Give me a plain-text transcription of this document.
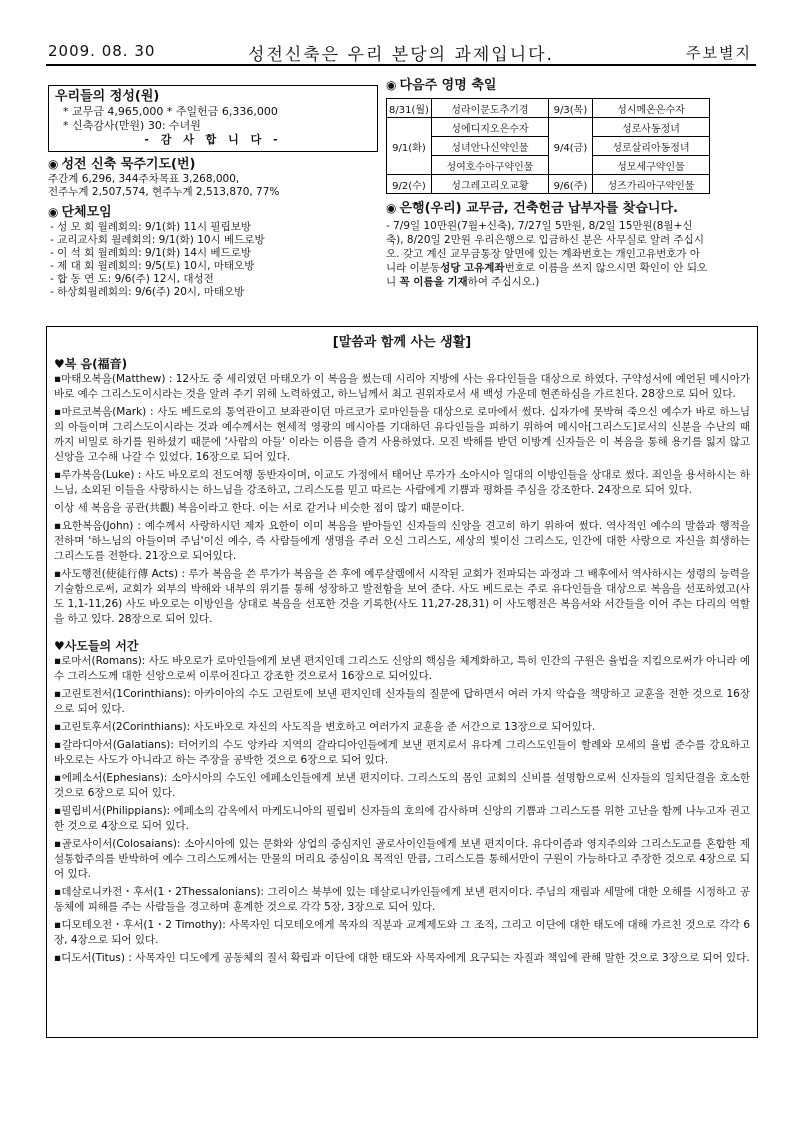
2009. 08. 30	성전신축은 우리 본당의 과제입니다.	주보별지
우리들의 정성(원)
* 교무금 4,965,000 * 주일헌금 6,336,000
* 신축감사(만원) 30: 수녀원
- 감 사 합 니 다 -
◉ 성전 신축 묵주기도(번)
주간계 6,296, 344주차목표 3,268,000,
전주누계 2,507,574, 현주누계 2,513,870, 77%
◉ 단체모임
- 성 모 회 월례회의: 9/1(화) 11시 필립보방
- 교리교사회 월례회의: 9/1(화) 10시 베드로방
- 이 석 회 월례회의: 9/1(화) 14시 베드로방
- 제 대 회 월례회의: 9/5(토) 10시, 마태오방
- 합 동 연 도: 9/6(주) 12시, 대성전
- 하상회월례회의: 9/6(주) 20시, 마태오방
◉ 다음주 영명 축일
8/31(월)	성라이문도추기경	9/3(목)	성시메온은수자
9/1(화)	성에디지오은수자	9/4(금)	성로사동정녀
	성녀안나신약인물		성로살리아동정녀
	성여호수아구약인물		성모세구약인물
9/2(수)	성그레고리오교황	9/6(주)	성즈가리아구약인물
◉ 은행(우리) 교무금, 건축헌금 납부자를 찾습니다.
- 7/9일 10만원(7월+신축), 7/27일 5만원, 8/2일 15만원(8월+신축), 8/20일 2만원 우리은행으로 입금하신 분은 사무실로 알려 주십시오. 갖고 계신 교무금통장 앞면에 있는 계좌번호는 개인고유번호가 아니라 이분동성당 고유계좌번호로 이름을 쓰지 않으시면 확인이 안 되오니 꼭 이름을 기재하여 주십시오.)
[말씀과 함께 사는 생활]
♥복 음(福音)
▪마태오복음(Matthew) : 12사도 중 세리였던 마태오가 이 복음을 썼는데 시리아 지방에 사는 유다인들을 대상으로 하였다. 구약성서에 예언된 메시아가 바로 예수 그리스도이시라는 것을 알려 주기 위해 노력하였고, 하느님께서 최고 권위자로서 새 백성 가운데 현존하심을 가르친다. 28장으로 되어 있다.
▪마르코복음(Mark) : 사도 베드로의 통역관이고 보좌관이던 마르코가 로마인들을 대상으로 로마에서 썼다. 십자가에 못박혀 죽으신 예수가 바로 하느님의 아들이며 그리스도이시라는 것과 예수께서는 현세적 영광의 메시아를 기대하던 유다인들을 피하기 위하여 메시아[그리스도]로서의 신분을 수난의 때까지 비밀로 하기를 원하셨기 때문에 '사람의 아들' 이라는 이름을 즐겨 사용하였다. 모진 박해를 받던 이방계 신자들은 이 복음을 통해 용기를 잃지 않고 신앙을 고수해 나갈 수 있었다. 16장으로 되어 있다.
▪루가복음(Luke) : 사도 바오로의 전도여행 동반자이며, 이교도 가정에서 태어난 루가가 소아시아 일대의 이방인들을 상대로 썼다. 죄인을 용서하시는 하느님, 소외된 이들을 사랑하시는 하느님을 강조하고, 그리스도를 믿고 따르는 사람에게 기쁨과 평화를 주심을 강조한다. 24장으로 되어 있다.
이상 세 복음을 공관(共觀) 복음이라고 한다. 이는 서로 같거나 비슷한 점이 많기 때문이다.
▪요한복음(John) : 예수께서 사랑하시던 제자 요한이 이미 복음을 받아들인 신자들의 신앙을 견고히 하기 위하여 썼다. 역사적인 예수의 말씀과 행적을 전하며 '하느님의 아들이며 주님'이신 예수, 즉 사람들에게 생명을 주러 오신 그리스도, 세상의 빛이신 그리스도, 인간에 대한 사랑으로 자신을 희생하는 그리스도를 전한다. 21장으로 되어있다.
▪사도행전(使徒行傳 Acts) : 루가 복음을 쓴 루가가 복음을 쓴 후에 예루살렘에서 시작된 교회가 전파되는 과정과 그 배후에서 역사하시는 성령의 능력을 기술함으로써, 교회가 외부의 박해와 내부의 위기를 통해 성장하고 발전함을 보여 준다. 사도 베드로는 주로 유다인들을 대상으로 복음을 선포하였고(사도 1,1-11,26) 사도 바오로는 이방인을 상대로 복음을 선포한 것을 기록한(사도 11,27-28,31) 이 사도행전은 복음서와 서간들을 이어 주는 다리의 역할을 하고 있다. 28장으로 되어 있다.
♥사도들의 서간
▪로마서(Romans): 사도 바오로가 로마인들에게 보낸 편지인데 그리스도 신앙의 핵심을 체계화하고, 특히 인간의 구원은 율법을 지킴으로써가 아니라 예수 그리스도께 대한 신앙으로써 이루어진다고 강조한 것으로서 16장으로 되어있다.
▪고린토전서(1Corinthians): 아카이아의 수도 고린토에 보낸 편지인데 신자들의 질문에 답하면서 여러 가지 악습을 책망하고 교훈을 전한 것으로 16장으로 되어 있다.
▪고린토후서(2Corinthians): 사도바오로 자신의 사도직을 변호하고 여러가지 교훈을 준 서간으로 13장으로 되어있다.
▪갈라디아서(Galatians): 터어키의 수도 앙카라 지역의 갈라디아인들에게 보낸 편지로서 유다계 그리스도인들이 할례와 모세의 율법 준수를 강요하고 바오로는 사도가 아니라고 하는 주장을 공박한 것으로 6장으로 되어 있다.
▪에페소서(Ephesians): 소아시아의 수도인 에페소인들에게 보낸 편지이다. 그리스도의 몸인 교회의 신비를 설명함으로써 신자들의 일치단결을 호소한 것으로 6장으로 되어 있다.
▪필립비서(Philippians): 에페소의 감옥에서 마케도니아의 필립비 신자들의 호의에 감사하며 신앙의 기쁨과 그리스도를 위한 고난을 함께 나누고자 권고한 것으로 4장으로 되어 있다.
▪골로사이서(Colosaians): 소아시아에 있는 문화와 상업의 중심지인 골로사이인들에게 보낸 편지이다. 유다이즘과 영지주의와 그리스도교를 혼합한 제설통합주의를 반박하여 예수 그리스도께서는 만물의 머리요 중심이요 목적인 만큼, 그리스도를 통해서만이 구원이 가능하다고 주장한 것으로 4장으로 되어 있다.
▪데살로니카전・후서(1・2Thessalonians): 그리이스 북부에 있는 데살로니카인들에게 보낸 편지이다. 주님의 재림과 세말에 대한 오해를 시정하고 공동체에 피해를 주는 사람들을 경고하며 훈계한 것으로 각각 5장, 3장으로 되어 있다.
▪디모테오전・후서(1・2 Timothy): 사목자인 디모테오에게 목자의 직분과 교계제도와 그 조직, 그리고 이단에 대한 태도에 대해 가르친 것으로 각각 6장, 4장으로 되어 있다.
▪디도서(Titus) : 사목자인 디도에게 공동체의 질서 확립과 이단에 대한 태도와 사목자에게 요구되는 자질과 책임에 관해 말한 것으로 3장으로 되어 있다.
